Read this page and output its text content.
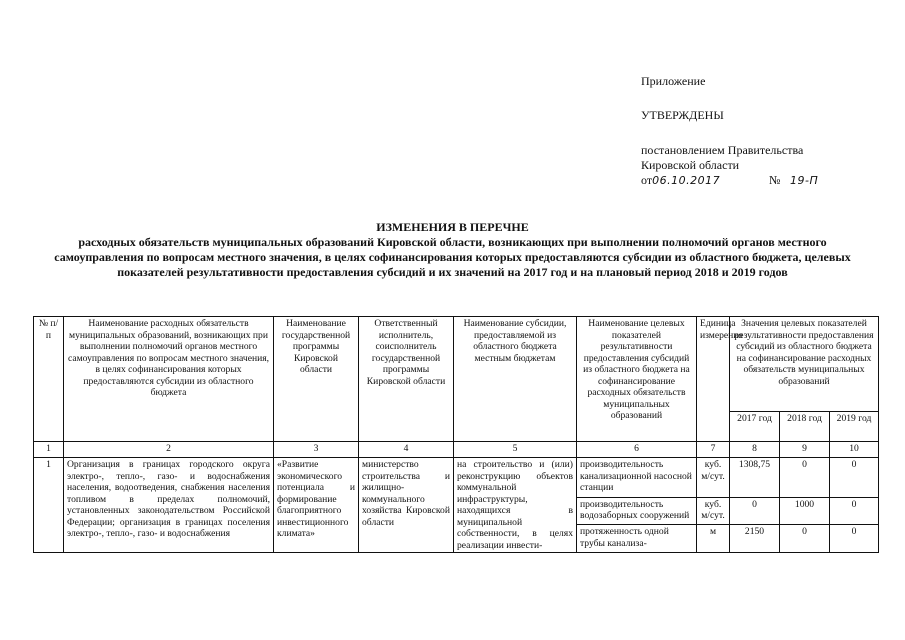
Приложение
УТВЕРЖДЕНЫ
постановлением Правительства
Кировской области
от06.10.2017	№ 19-П
ИЗМЕНЕНИЯ В ПЕРЕЧНЕ
расходных обязательств муниципальных образований Кировской области, возникающих при выполнении полномочий органов местного самоуправления по вопросам местного значения, в целях софинансирования которых предоставляются субсидии из областного бюджета, целевых показателей результативности предоставления субсидий и их значений на 2017 год и на плановый период 2018 и 2019 годов
№ п/п	Наименование расходных обязательств муниципальных образований, возникающих при выполнении полномочий органов местного самоуправления по вопросам местного значения, в целях софинансирования которых предоставляются субсидии из областного бюджета	Наименование государственной программы Кировской области	Ответственный исполнитель, соисполнитель государственной программы Кировской области	Наименование субсидии, предоставляемой из областного бюджета местным бюджетам	Наименование целевых показателей результативности предоставления субсидий из областного бюджета на софинансирование расходных обязательств муниципальных образований	Единица измерения	Значения целевых показателей результативности предоставления субсидий из областного бюджета на софинансирование расходных обязательств муниципальных образований		
							2017 год	2018 год	2019 год
1	2	3	4	5	6	7	8	9	10
1	Организация в границах городского округа электро-, тепло-, газо- и водоснабжения населения, водоотведения, снабжения населения топливом в пределах полномочий, установленных законодательством Российской Федерации; организация в границах поселения электро-, тепло-, газо- и водоснабжения	«Развитие экономического потенциала и формирование благоприятного инвестиционного климата»	министерство строительства и жилищно-коммунального хозяйства Кировской области	на строительство и (или) реконструкцию объектов коммунальной инфраструктуры, находящихся в муниципальной собственности, в целях реализации инвести-	производительность канализационной насосной станции	куб. м/сут.	1308,75	0	0
					производительность водозаборных сооружений	куб. м/сут.	0	1000	0
					протяженность одной трубы канализа-	м	2150	0	0
